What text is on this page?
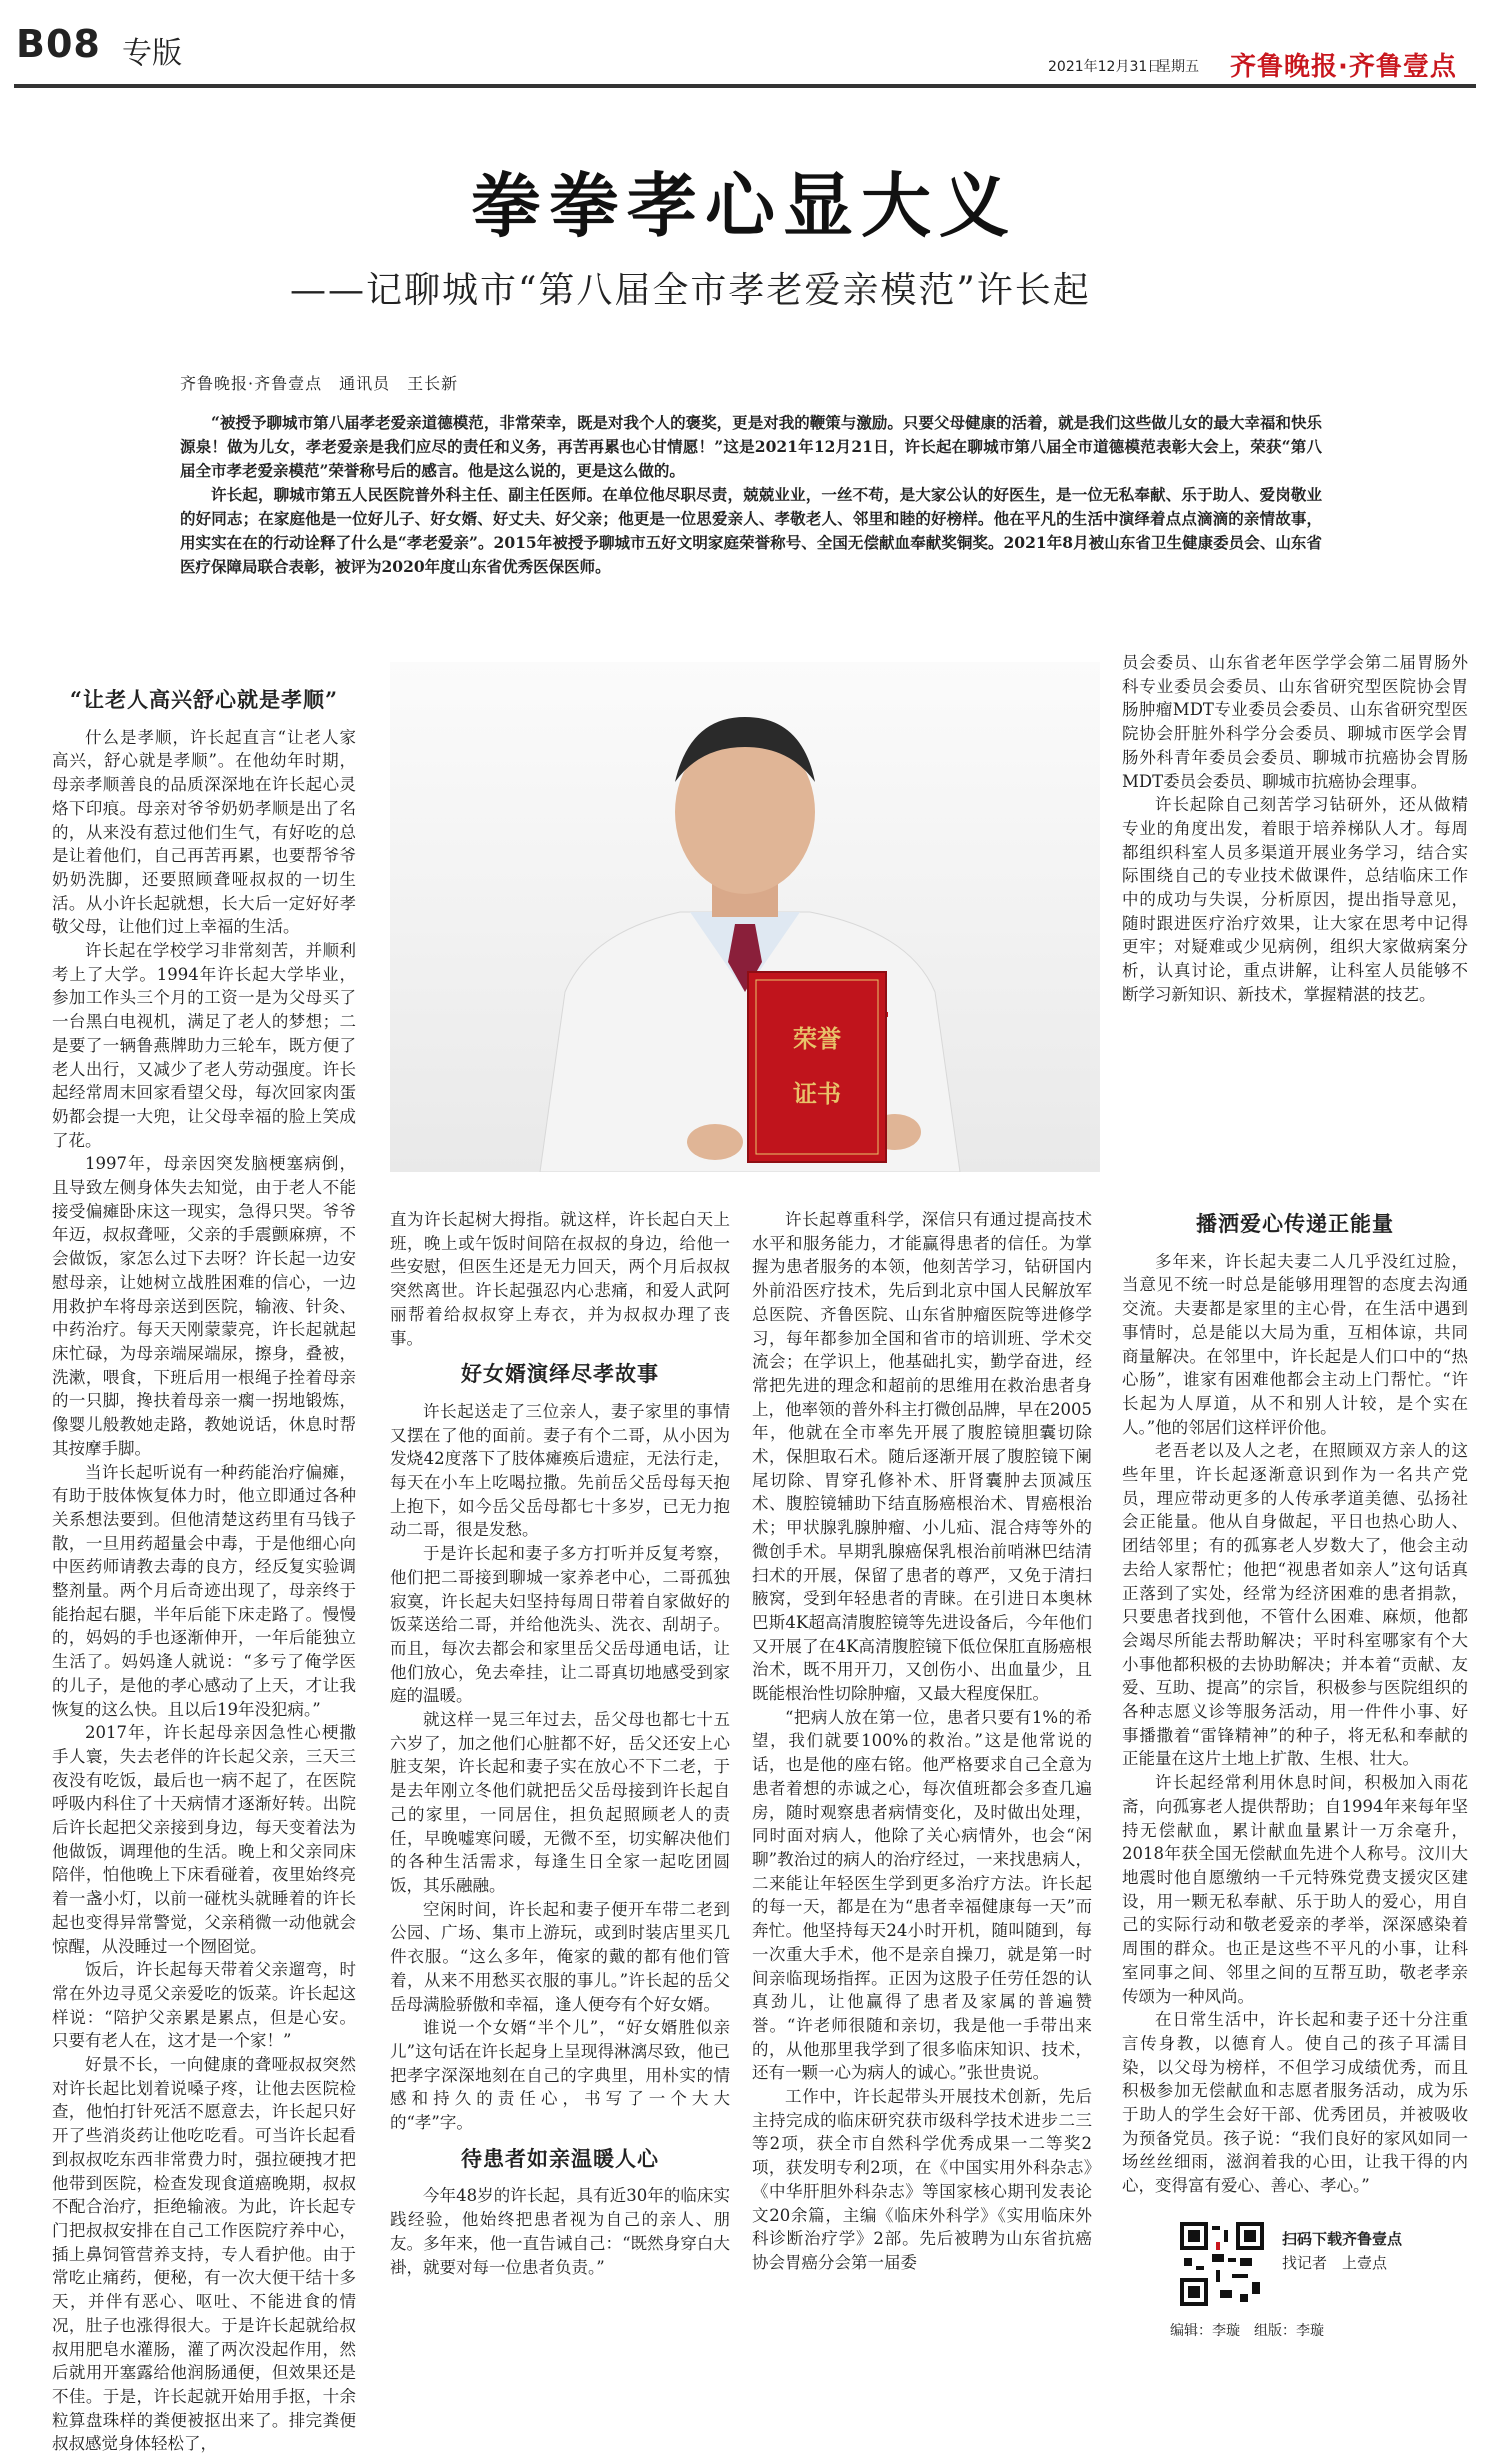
B08 专版	2021年12月31日
星期五 齐鲁晚报·齐鲁壹点
拳拳孝心显大义
——记聊城市“第八届全市孝老爱亲模范”许长起
齐鲁晚报·齐鲁壹点　通讯员　王长新

“被授予聊城市第八届孝老爱亲道德模范，非常荣幸，既是对我个人的褒奖，更是对我的鞭策与激励。只要父母健康的活着，就是我们这些做儿女的最大幸福和快乐源泉！做为儿女，孝老爱亲是我们应尽的责任和义务，再苦再累也心甘情愿！”这是2021年12月21日，许长起在聊城市第八届全市道德模范表彰大会上，荣获“第八届全市孝老爱亲模范”荣誉称号后的感言。他是这么说的，更是这么做的。

许长起，聊城市第五人民医院普外科主任、副主任医师。在单位他尽职尽责，兢兢业业，一丝不苟，是大家公认的好医生，是一位无私奉献、乐于助人、爱岗敬业的好同志；在家庭他是一位好儿子、好女婿、好丈夫、好父亲；他更是一位思爱亲人、孝敬老人、邻里和睦的好榜样。他在平凡的生活中演绎着点点滴滴的亲情故事，用实实在在的行动诠释了什么是“孝老爱亲”。2015年被授予聊城市五好文明家庭荣誉称号、全国无偿献血奉献奖铜奖。2021年8月被山东省卫生健康委员会、山东省医疗保障局联合表彰，被评为2020年度山东省优秀医保医师。

荣誉
证书
“让老人高兴舒心就是孝顺”

什么是孝顺，许长起直言“让老人家高兴，舒心就是孝顺”。在他幼年时期，母亲孝顺善良的品质深深地在许长起心灵烙下印痕。母亲对爷爷奶奶孝顺是出了名的，从来没有惹过他们生气，有好吃的总是让着他们，自己再苦再累，也要帮爷爷奶奶洗脚，还要照顾聋哑叔叔的一切生活。从小许长起就想，长大后一定好好孝敬父母，让他们过上幸福的生活。

许长起在学校学习非常刻苦，并顺利考上了大学。1994年许长起大学毕业，参加工作头三个月的工资一是为父母买了一台黑白电视机，满足了老人的梦想；二是要了一辆鲁燕牌助力三轮车，既方便了老人出行，又减少了老人劳动强度。许长起经常周末回家看望父母，每次回家肉蛋奶都会提一大兜，让父母幸福的脸上笑成了花。

1997年，母亲因突发脑梗塞病倒，且导致左侧身体失去知觉，由于老人不能接受偏瘫卧床这一现实，急得只哭。爷爷年迈，叔叔聋哑，父亲的手震颤麻痹，不会做饭，家怎么过下去呀？许长起一边安慰母亲，让她树立战胜困难的信心，一边用救护车将母亲送到医院，输液、针灸、中药治疗。每天天刚蒙蒙亮，许长起就起床忙碌，为母亲端屎端尿，擦身，叠被，洗漱，喂食，下班后用一根绳子拴着母亲的一只脚，搀扶着母亲一瘸一拐地锻炼，像婴儿般教她走路，教她说话，休息时帮其按摩手脚。

当许长起听说有一种药能治疗偏瘫，有助于肢体恢复体力时，他立即通过各种关系想法要到。但他清楚这药里有马钱子散，一旦用药超量会中毒，于是他细心向中医药师请教去毒的良方，经反复实验调整剂量。两个月后奇迹出现了，母亲终于能抬起右腿，半年后能下床走路了。慢慢的，妈妈的手也逐渐伸开，一年后能独立生活了。妈妈逢人就说：“多亏了俺学医的儿子，是他的孝心感动了上天，才让我恢复的这么快。且以后19年没犯病。”

2017年，许长起母亲因急性心梗撒手人寰，失去老伴的许长起父亲，三天三夜没有吃饭，最后也一病不起了，在医院呼吸内科住了十天病情才逐渐好转。出院后许长起把父亲接到身边，每天变着法为他做饭，调理他的生活。晚上和父亲同床陪伴，怕他晚上下床看碰着，夜里始终亮着一盏小灯，以前一碰枕头就睡着的许长起也变得异常警觉，父亲稍微一动他就会惊醒，从没睡过一个囫囵觉。

饭后，许长起每天带着父亲遛弯，时常在外边寻觅父亲爱吃的饭菜。许长起这样说：“陪护父亲累是累点，但是心安。只要有老人在，这才是一个家！”

好景不长，一向健康的聋哑叔叔突然对许长起比划着说嗓子疼，让他去医院检查，他怕打针死活不愿意去，许长起只好开了些消炎药让他吃吃看。可当许长起看到叔叔吃东西非常费力时，强拉硬拽才把他带到医院，检查发现食道癌晚期，叔叔不配合治疗，拒绝输液。为此，许长起专门把叔叔安排在自己工作医院疗养中心，插上鼻饲管营养支持，专人看护他。由于常吃止痛药，便秘，有一次大便干结十多天，并伴有恶心、呕吐、不能进食的情况，肚子也涨得很大。于是许长起就给叔叔用肥皂水灌肠，灌了两次没起作用，然后就用开塞露给他润肠通便，但效果还是不佳。于是，许长起就开始用手抠，十余粒算盘珠样的粪便被抠出来了。排完粪便叔叔感觉身体轻松了，

员会委员、山东省老年医学学会第二届胃肠外科专业委员会委员、山东省研究型医院协会胃肠肿瘤MDT专业委员会委员、山东省研究型医院协会肝脏外科学分会委员、聊城市医学会胃肠外科青年委员会委员、聊城市抗癌协会胃肠MDT委员会委员、聊城市抗癌协会理事。

许长起除自己刻苦学习钻研外，还从做精专业的角度出发，着眼于培养梯队人才。每周都组织科室人员多渠道开展业务学习，结合实际围绕自己的专业技术做课件，总结临床工作中的成功与失误，分析原因，提出指导意见，随时跟进医疗治疗效果，让大家在思考中记得更牢；对疑难或少见病例，组织大家做病案分析，认真讨论，重点讲解，让科室人员能够不断学习新知识、新技术，掌握精湛的技艺。

直为许长起树大拇指。就这样，许长起白天上班，晚上或午饭时间陪在叔叔的身边，给他一些安慰，但医生还是无力回天，两个月后叔叔突然离世。许长起强忍内心悲痛，和爱人武阿丽帮着给叔叔穿上寿衣，并为叔叔办理了丧事。

好女婿演绎尽孝故事

许长起送走了三位亲人，妻子家里的事情又摆在了他的面前。妻子有个二哥，从小因为发烧42度落下了肢体瘫痪后遗症，无法行走，每天在小车上吃喝拉撒。先前岳父岳母每天抱上抱下，如今岳父岳母都七十多岁，已无力抱动二哥，很是发愁。

于是许长起和妻子多方打听并反复考察，他们把二哥接到聊城一家养老中心，二哥孤独寂寞，许长起夫妇坚持每周日带着自家做好的饭菜送给二哥，并给他洗头、洗衣、刮胡子。而且，每次去都会和家里岳父岳母通电话，让他们放心，免去牵挂，让二哥真切地感受到家庭的温暖。

就这样一晃三年过去，岳父母也都七十五六岁了，加之他们心脏都不好，岳父还安上心脏支架，许长起和妻子实在放心不下二老，于是去年刚立冬他们就把岳父岳母接到许长起自己的家里，一同居住，担负起照顾老人的责任，早晚嘘寒问暖，无微不至，切实解决他们的各种生活需求，每逢生日全家一起吃团圆饭，其乐融融。

空闲时间，许长起和妻子便开车带二老到公园、广场、集市上游玩，或到时装店里买几件衣服。“这么多年，俺家的戴的都有他们管着，从来不用愁买衣服的事儿。”许长起的岳父岳母满脸骄傲和幸福，逢人便夸有个好女婿。

谁说一个女婿“半个儿”，“好女婿胜似亲儿”这句话在许长起身上呈现得淋漓尽致，他已把孝字深深地刻在自己的字典里，用朴实的情感和持久的责任心，书写了一个大大的“孝”字。

待患者如亲温暖人心

今年48岁的许长起，具有近30年的临床实践经验，他始终把患者视为自己的亲人、朋友。多年来，他一直告诫自己：“既然身穿白大褂，就要对每一位患者负责。”

许长起尊重科学，深信只有通过提高技术水平和服务能力，才能赢得患者的信任。为掌握为患者服务的本领，他刻苦学习，钻研国内外前沿医疗技术，先后到北京中国人民解放军总医院、齐鲁医院、山东省肿瘤医院等进修学习，每年都参加全国和省市的培训班、学术交流会；在学识上，他基础扎实，勤学奋进，经常把先进的理念和超前的思维用在救治患者身上，他率领的普外科主打微创品牌，早在2005年，他就在全市率先开展了腹腔镜胆囊切除术，保胆取石术。随后逐渐开展了腹腔镜下阑尾切除、胃穿孔修补术、肝肾囊肿去顶减压术、腹腔镜辅助下结直肠癌根治术、胃癌根治术；甲状腺乳腺肿瘤、小儿疝、混合痔等外的微创手术。早期乳腺癌保乳根治前哨淋巴结清扫术的开展，保留了患者的尊严，又免于清扫腋窝，受到年轻患者的青睐。在引进日本奥林巴斯4K超高清腹腔镜等先进设备后，今年他们又开展了在4K高清腹腔镜下低位保肛直肠癌根治术，既不用开刀，又创伤小、出血量少，且既能根治性切除肿瘤，又最大程度保肛。

“把病人放在第一位，患者只要有1%的希望，我们就要100%的救治。”这是他常说的话，也是他的座右铭。他严格要求自己全意为患者着想的赤诚之心，每次值班都会多查几遍房，随时观察患者病情变化，及时做出处理，同时面对病人，他除了关心病情外，也会“闲聊”教治过的病人的治疗经过，一来找患病人，二来能让年轻医生学到更多治疗方法。许长起的每一天，都是在为“患者幸福健康每一天”而奔忙。他坚持每天24小时开机，随叫随到，每一次重大手术，他不是亲自操刀，就是第一时间亲临现场指挥。正因为这股子任劳任怨的认真劲儿，让他赢得了患者及家属的普遍赞誉。“许老师很随和亲切，我是他一手带出来的，从他那里我学到了很多临床知识、技术，还有一颗一心为病人的诚心。”张世贵说。

工作中，许长起带头开展技术创新，先后主持完成的临床研究获市级科学技术进步二三等2项，获全市自然科学优秀成果一二等奖2项，获发明专利2项，在《中国实用外科杂志》《中华肝胆外科杂志》等国家核心期刊发表论文20余篇，主编《临床外科学》《实用临床外科诊断治疗学》2部。先后被聘为山东省抗癌协会胃癌分会第一届委

播洒爱心传递正能量

多年来，许长起夫妻二人几乎没红过脸，当意见不统一时总是能够用理智的态度去沟通交流。夫妻都是家里的主心骨，在生活中遇到事情时，总是能以大局为重，互相体谅，共同商量解决。在邻里中，许长起是人们口中的“热心肠”，谁家有困难他都会主动上门帮忙。“许长起为人厚道，从不和别人计较，是个实在人。”他的邻居们这样评价他。

老吾老以及人之老，在照顾双方亲人的这些年里，许长起逐渐意识到作为一名共产党员，理应带动更多的人传承孝道美德、弘扬社会正能量。他从自身做起，平日也热心助人、团结邻里；有的孤寡老人岁数大了，他会主动去给人家帮忙；他把“视患者如亲人”这句话真正落到了实处，经常为经济困难的患者捐款，只要患者找到他，不管什么困难、麻烦，他都会竭尽所能去帮助解决；平时科室哪家有个大小事他都积极的去协助解决；并本着“贡献、友爱、互助、提高”的宗旨，积极参与医院组织的各种志愿义诊等服务活动，用一件件小事、好事播撒着“雷锋精神”的种子，将无私和奉献的正能量在这片土地上扩散、生根、壮大。

许长起经常利用休息时间，积极加入雨花斋，向孤寡老人提供帮助；自1994年来每年坚持无偿献血，累计献血量累计一万余毫升，2018年获全国无偿献血先进个人称号。汶川大地震时他自愿缴纳一千元特殊党费支援灾区建设，用一颗无私奉献、乐于助人的爱心，用自己的实际行动和敬老爱亲的孝举，深深感染着周围的群众。也正是这些不平凡的小事，让科室同事之间、邻里之间的互帮互助，敬老孝亲传颂为一种风尚。

在日常生活中，许长起和妻子还十分注重言传身教，以德育人。使自己的孩子耳濡目染，以父母为榜样，不但学习成绩优秀，而且积极参加无偿献血和志愿者服务活动，成为乐于助人的学生会好干部、优秀团员，并被吸收为预备党员。孩子说：“我们良好的家风如同一场丝丝细雨，滋润着我的心田，让我干得的内心，变得富有爱心、善心、孝心。”

扫码下载齐鲁壹点
找记者　上壹点
编辑：李璇　组版：李璇
